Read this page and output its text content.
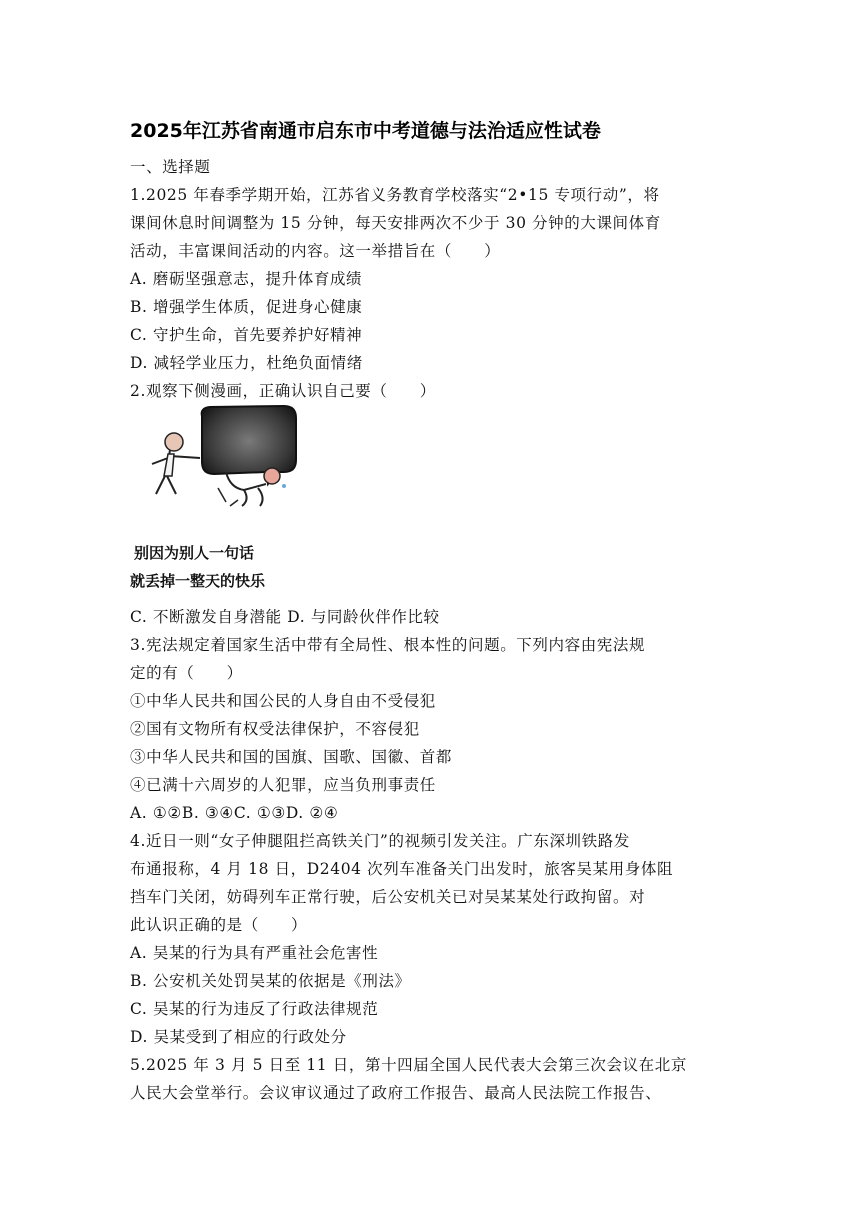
2025年江苏省南通市启东市中考道德与法治适应性试卷
一、选择题
1.2025 年春季学期开始，江苏省义务教育学校落实“2•15 专项行动”，将
课间休息时间调整为 15 分钟，每天安排两次不少于 30 分钟的大课间体育
活动，丰富课间活动的内容。这一举措旨在（　　）
A. 磨砺坚强意志，提升体育成绩
B. 增强学生体质，促进身心健康
C. 守护生命，首先要养护好精神
D. 减轻学业压力，杜绝负面情绪
2.观察下侧漫画，正确认识自己要（　　）
别因为别人一句话
就丢掉一整天的快乐
C. 不断激发自身潜能 D. 与同龄伙伴作比较
3.宪法规定着国家生活中带有全局性、根本性的问题。下列内容由宪法规
定的有（　　）
①中华人民共和国公民的人身自由不受侵犯
②国有文物所有权受法律保护，不容侵犯
③中华人民共和国的国旗、国歌、国徽、首都
④已满十六周岁的人犯罪，应当负刑事责任
A. ①②B. ③④C. ①③D. ②④
4.近日一则“女子伸腿阻拦高铁关门”的视频引发关注。广东深圳铁路发
布通报称，4 月 18 日，D2404 次列车准备关门出发时，旅客吴某用身体阻
挡车门关闭，妨碍列车正常行驶，后公安机关已对吴某某处行政拘留。对
此认识正确的是（　　）
A. 吴某的行为具有严重社会危害性
B. 公安机关处罚吴某的依据是《刑法》
C. 吴某的行为违反了行政法律规范
D. 吴某受到了相应的行政处分
5.2025 年 3 月 5 日至 11 日，第十四届全国人民代表大会第三次会议在北京
人民大会堂举行。会议审议通过了政府工作报告、最高人民法院工作报告、
